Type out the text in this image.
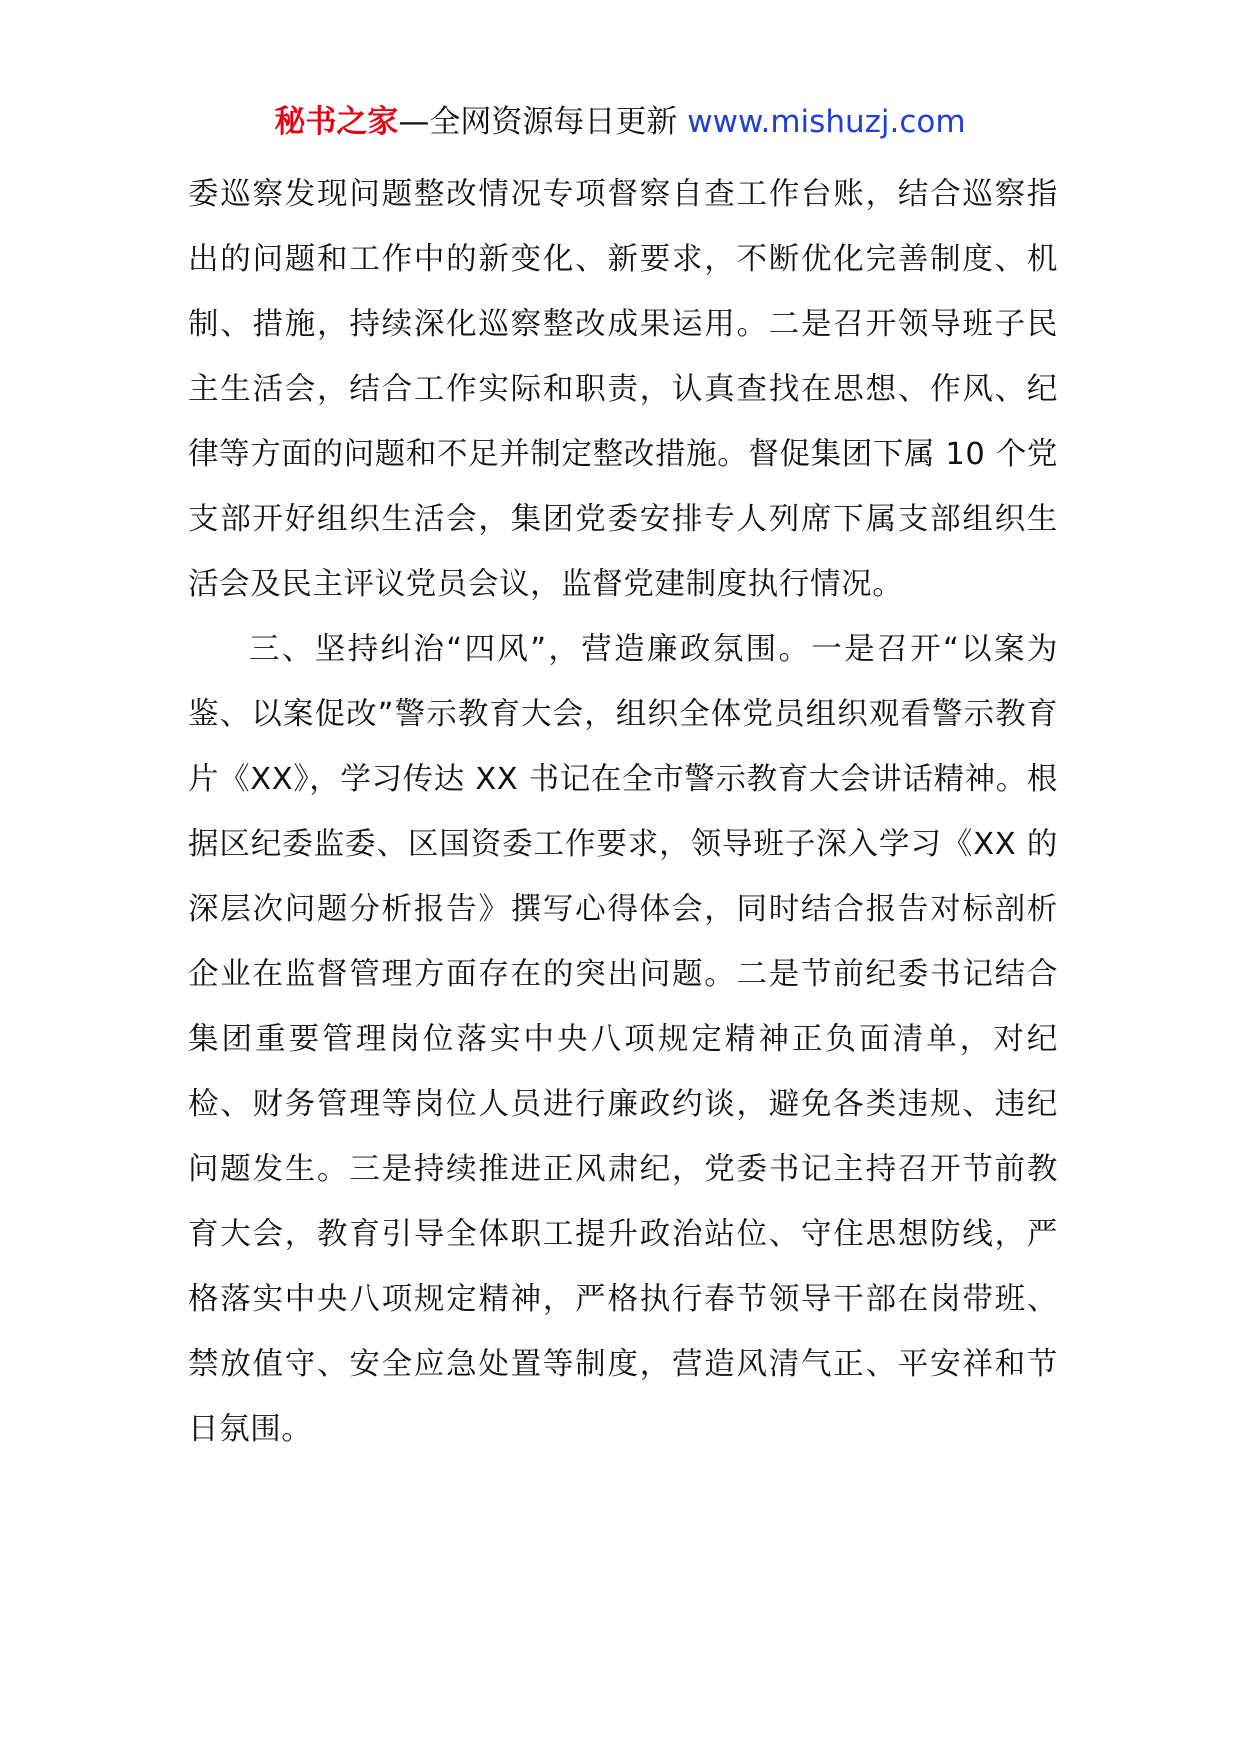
秘书之家—全网资源每日更新 www.mishuzj.com

委巡察发现问题整改情况专项督察自查工作台账，结合巡察指出的问题和工作中的新变化、新要求，不断优化完善制度、机制、措施，持续深化巡察整改成果运用。二是召开领导班子民主生活会，结合工作实际和职责，认真查找在思想、作风、纪律等方面的问题和不足并制定整改措施。督促集团下属 10 个党支部开好组织生活会，集团党委安排专人列席下属支部组织生活会及民主评议党员会议，监督党建制度执行情况。

三、坚持纠治“四风”，营造廉政氛围。一是召开“以案为鉴、以案促改”警示教育大会，组织全体党员组织观看警示教育片《XX》，学习传达 XX 书记在全市警示教育大会讲话精神。根据区纪委监委、区国资委工作要求，领导班子深入学习《XX 的深层次问题分析报告》撰写心得体会，同时结合报告对标剖析企业在监督管理方面存在的突出问题。二是节前纪委书记结合集团重要管理岗位落实中央八项规定精神正负面清单，对纪检、财务管理等岗位人员进行廉政约谈，避免各类违规、违纪问题发生。三是持续推进正风肃纪，党委书记主持召开节前教育大会，教育引导全体职工提升政治站位、守住思想防线，严格落实中央八项规定精神，严格执行春节领导干部在岗带班、禁放值守、安全应急处置等制度，营造风清气正、平安祥和节日氛围。
